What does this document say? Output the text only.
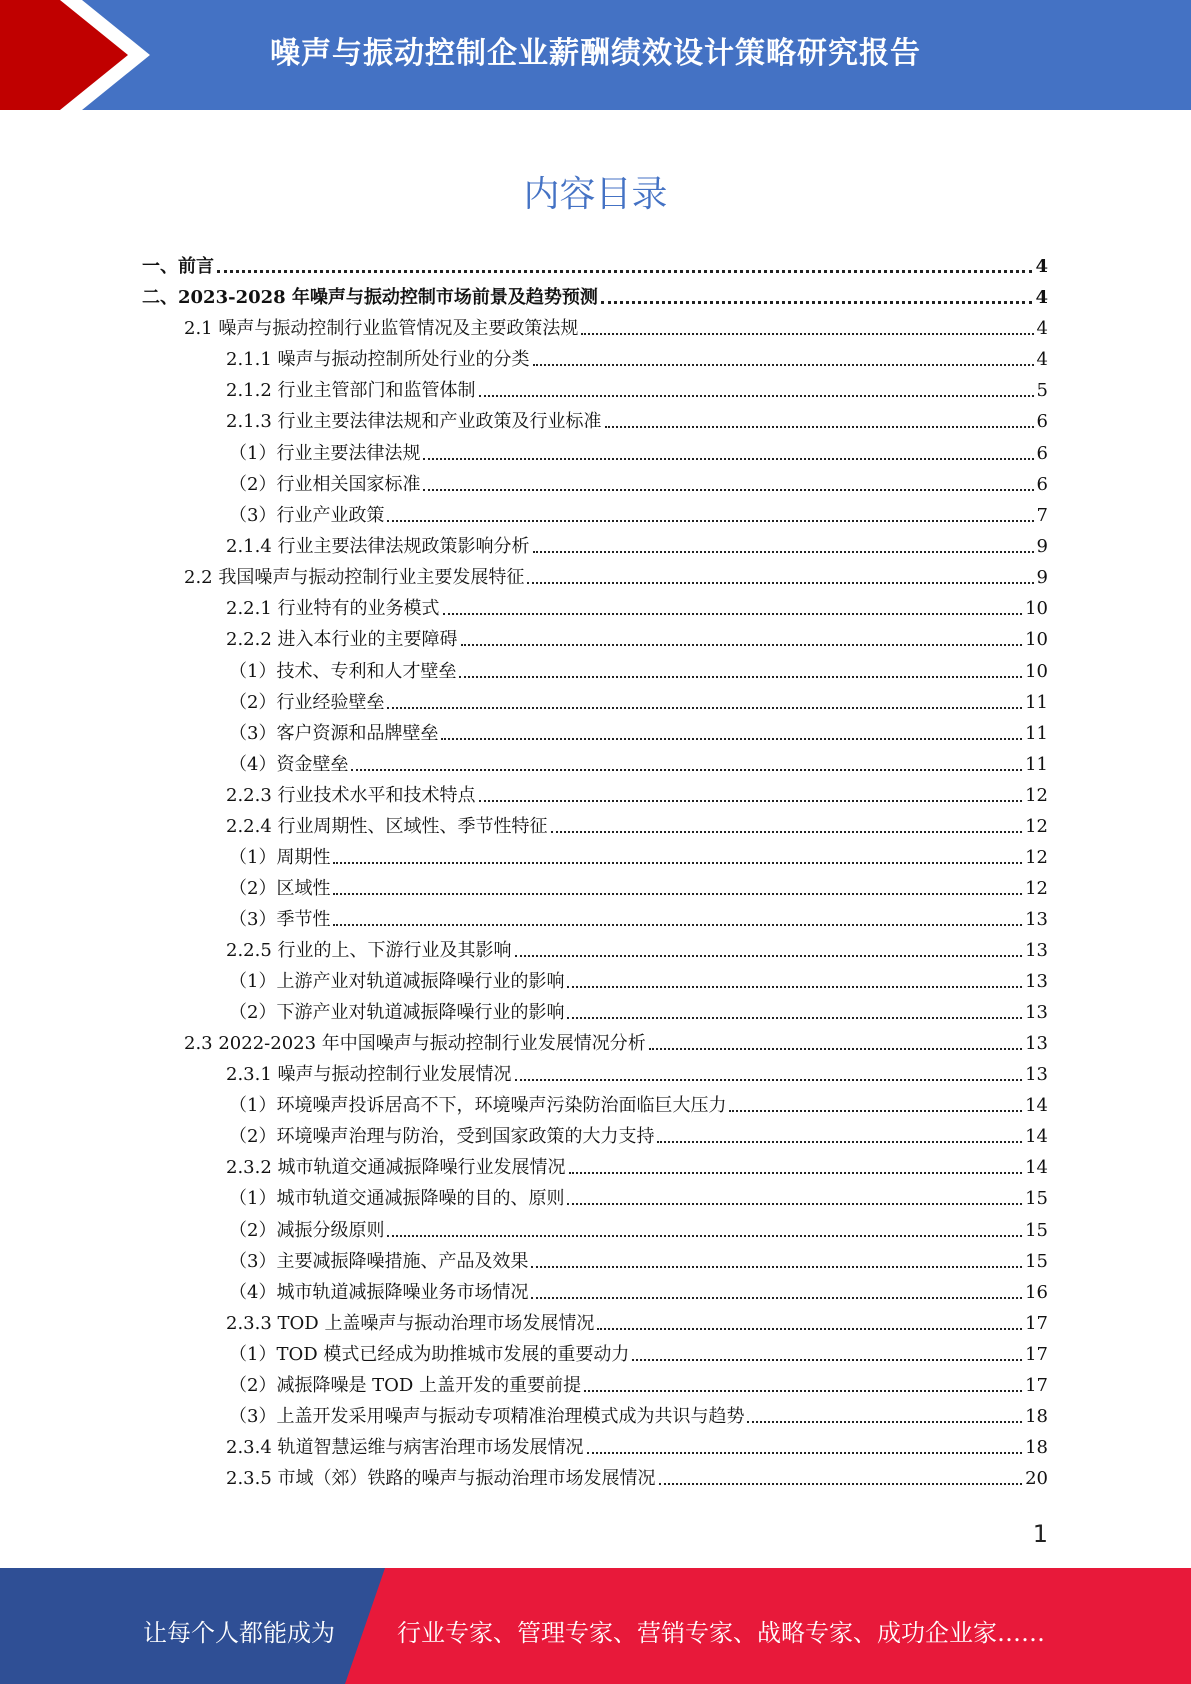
噪声与振动控制企业薪酬绩效设计策略研究报告
内容目录
一、前言	4
二、2023-2028 年噪声与振动控制市场前景及趋势预测	4
2.1 噪声与振动控制行业监管情况及主要政策法规	4
2.1.1 噪声与振动控制所处行业的分类	4
2.1.2 行业主管部门和监管体制	5
2.1.3 行业主要法律法规和产业政策及行业标准	6
（1）行业主要法律法规	6
（2）行业相关国家标准	6
（3）行业产业政策	7
2.1.4 行业主要法律法规政策影响分析	9
2.2 我国噪声与振动控制行业主要发展特征	9
2.2.1 行业特有的业务模式	10
2.2.2 进入本行业的主要障碍	10
（1）技术、专利和人才壁垒	10
（2）行业经验壁垒	11
（3）客户资源和品牌壁垒	11
（4）资金壁垒	11
2.2.3 行业技术水平和技术特点	12
2.2.4 行业周期性、区域性、季节性特征	12
（1）周期性	12
（2）区域性	12
（3）季节性	13
2.2.5 行业的上、下游行业及其影响	13
（1）上游产业对轨道减振降噪行业的影响	13
（2）下游产业对轨道减振降噪行业的影响	13
2.3 2022-2023 年中国噪声与振动控制行业发展情况分析	13
2.3.1 噪声与振动控制行业发展情况	13
（1）环境噪声投诉居高不下，环境噪声污染防治面临巨大压力	14
（2）环境噪声治理与防治，受到国家政策的大力支持	14
2.3.2 城市轨道交通减振降噪行业发展情况	14
（1）城市轨道交通减振降噪的目的、原则	15
（2）减振分级原则	15
（3）主要减振降噪措施、产品及效果	15
（4）城市轨道减振降噪业务市场情况	16
2.3.3 TOD 上盖噪声与振动治理市场发展情况	17
（1）TOD 模式已经成为助推城市发展的重要动力	17
（2）减振降噪是 TOD 上盖开发的重要前提	17
（3）上盖开发采用噪声与振动专项精准治理模式成为共识与趋势	18
2.3.4 轨道智慧运维与病害治理市场发展情况	18
2.3.5 市域（郊）铁路的噪声与振动治理市场发展情况	20
1
让每个人都能成为	行业专家、管理专家、营销专家、战略专家、成功企业家……
